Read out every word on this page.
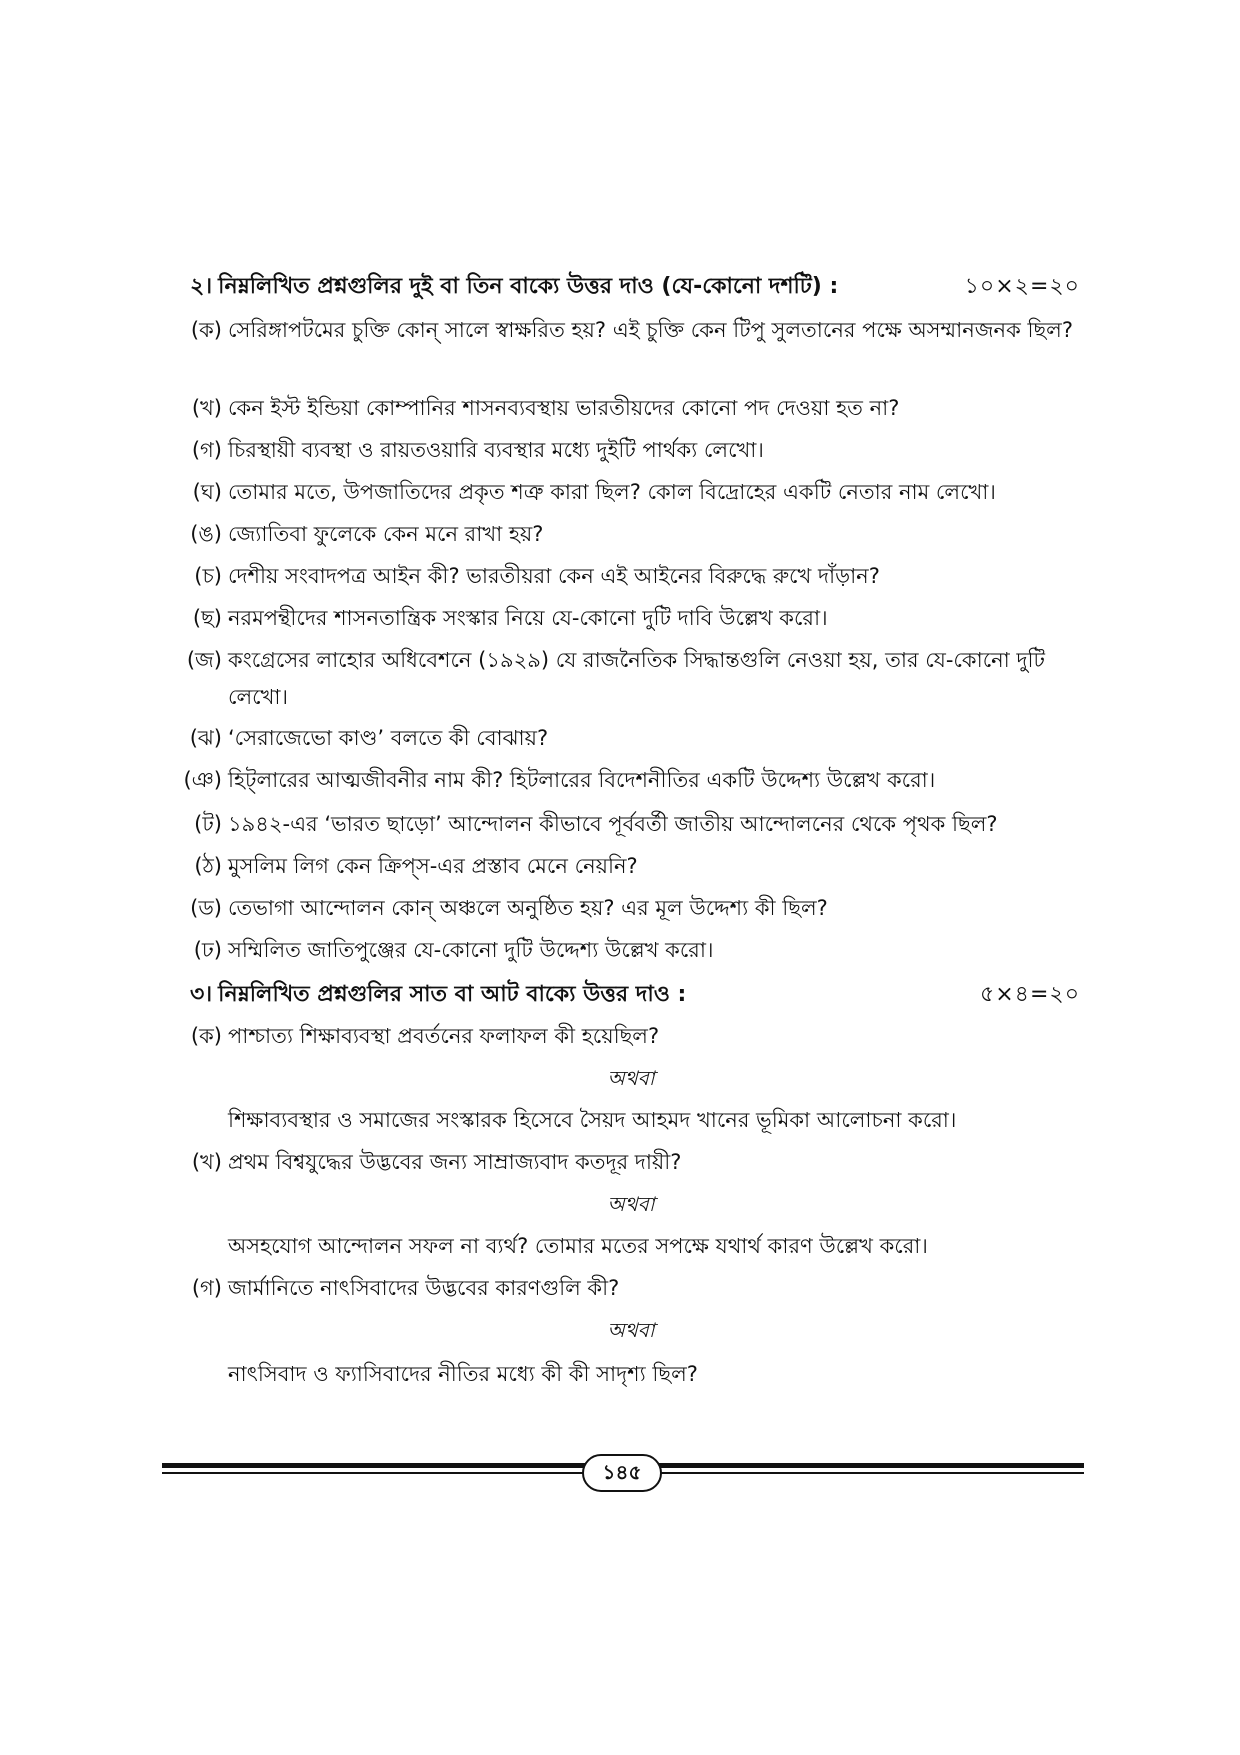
২। নিম্নলিখিত প্রশ্নগুলির দুই বা তিন বাক্যে উত্তর দাও (যে-কোনো দশটি) :	১০×২=২০
(ক) সেরিঙ্গাপটমের চুক্তি কোন্ সালে স্বাক্ষরিত হয়? এই চুক্তি কেন টিপু সুলতানের পক্ষে অসম্মানজনক ছিল?
(খ) কেন ইস্ট ইন্ডিয়া কোম্পানির শাসনব্যবস্থায় ভারতীয়দের কোনো পদ দেওয়া হত না?
(গ) চিরস্থায়ী ব্যবস্থা ও রায়তওয়ারি ব্যবস্থার মধ্যে দুইটি পার্থক্য লেখো।
(ঘ) তোমার মতে, উপজাতিদের প্রকৃত শত্রু কারা ছিল? কোল বিদ্রোহের একটি নেতার নাম লেখো।
(ঙ) জ্যোতিবা ফুলেকে কেন মনে রাখা হয়?
(চ) দেশীয় সংবাদপত্র আইন কী? ভারতীয়রা কেন এই আইনের বিরুদ্ধে রুখে দাঁড়ান?
(ছ) নরমপন্থীদের শাসনতান্ত্রিক সংস্কার নিয়ে যে-কোনো দুটি দাবি উল্লেখ করো।
(জ) কংগ্রেসের লাহোর অধিবেশনে (১৯২৯) যে রাজনৈতিক সিদ্ধান্তগুলি নেওয়া হয়, তার যে-কোনো দুটি লেখো।
(ঝ) ‘সেরাজেভো কাণ্ড’ বলতে কী বোঝায়?
(ঞ) হিট্‌লারের আত্মজীবনীর নাম কী? হিটলারের বিদেশনীতির একটি উদ্দেশ্য উল্লেখ করো।
(ট) ১৯৪২-এর ‘ভারত ছাড়ো’ আন্দোলন কীভাবে পূর্ববর্তী জাতীয় আন্দোলনের থেকে পৃথক ছিল?
(ঠ) মুসলিম লিগ কেন ক্রিপ্‌স-এর প্রস্তাব মেনে নেয়নি?
(ড) তেভাগা আন্দোলন কোন্ অঞ্চলে অনুষ্ঠিত হয়? এর মূল উদ্দেশ্য কী ছিল?
(ঢ) সম্মিলিত জাতিপুঞ্জের যে-কোনো দুটি উদ্দেশ্য উল্লেখ করো।
৩। নিম্নলিখিত প্রশ্নগুলির সাত বা আট বাক্যে উত্তর দাও :	৫×৪=২০
(ক) পাশ্চাত্য শিক্ষাব্যবস্থা প্রবর্তনের ফলাফল কী হয়েছিল?
অথবা
শিক্ষাব্যবস্থার ও সমাজের সংস্কারক হিসেবে সৈয়দ আহমদ খানের ভূমিকা আলোচনা করো।
(খ) প্রথম বিশ্বযুদ্ধের উদ্ভবের জন্য সাম্রাজ্যবাদ কতদূর দায়ী?
অথবা
অসহযোগ আন্দোলন সফল না ব্যর্থ? তোমার মতের সপক্ষে যথার্থ কারণ উল্লেখ করো।
(গ) জার্মানিতে নাৎসিবাদের উদ্ভবের কারণগুলি কী?
অথবা
নাৎসিবাদ ও ফ্যাসিবাদের নীতির মধ্যে কী কী সাদৃশ্য ছিল?
১৪৫
